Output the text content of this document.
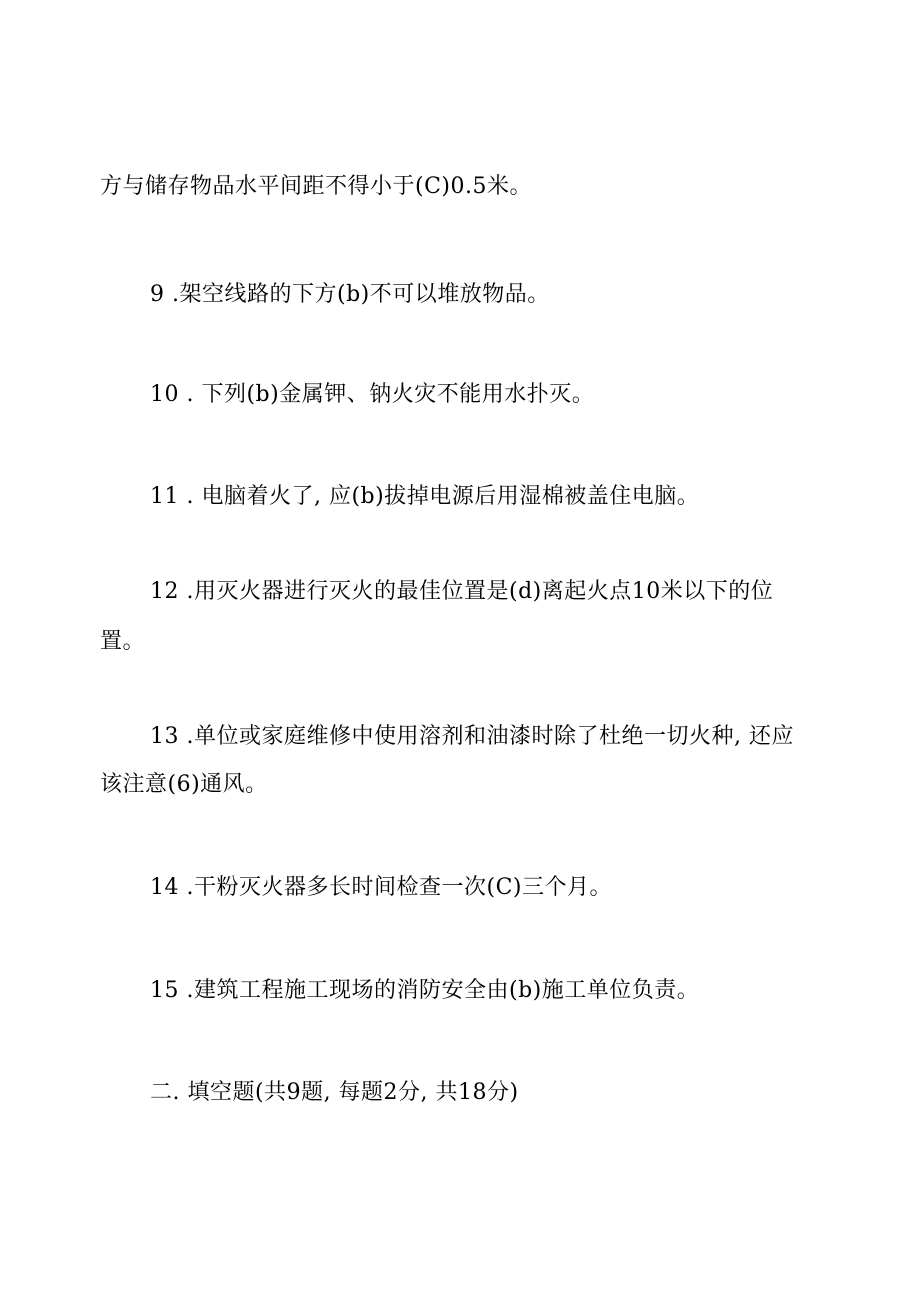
方与储存物品水平间距不得小于(C)0.5米。
9 .架空线路的下方(b)不可以堆放物品。
10 . 下列(b)金属钾、钠火灾不能用水扑灭。
11 . 电脑着火了, 应(b)拔掉电源后用湿棉被盖住电脑。
12 .用灭火器进行灭火的最佳位置是(d)离起火点10米以下的位
置。
13 .单位或家庭维修中使用溶剂和油漆时除了杜绝一切火种, 还应
该注意(6)通风。
14 .干粉灭火器多长时间检查一次(C)三个月。
15 .建筑工程施工现场的消防安全由(b)施工单位负责。
二. 填空题(共9题, 每题2分, 共18分)
